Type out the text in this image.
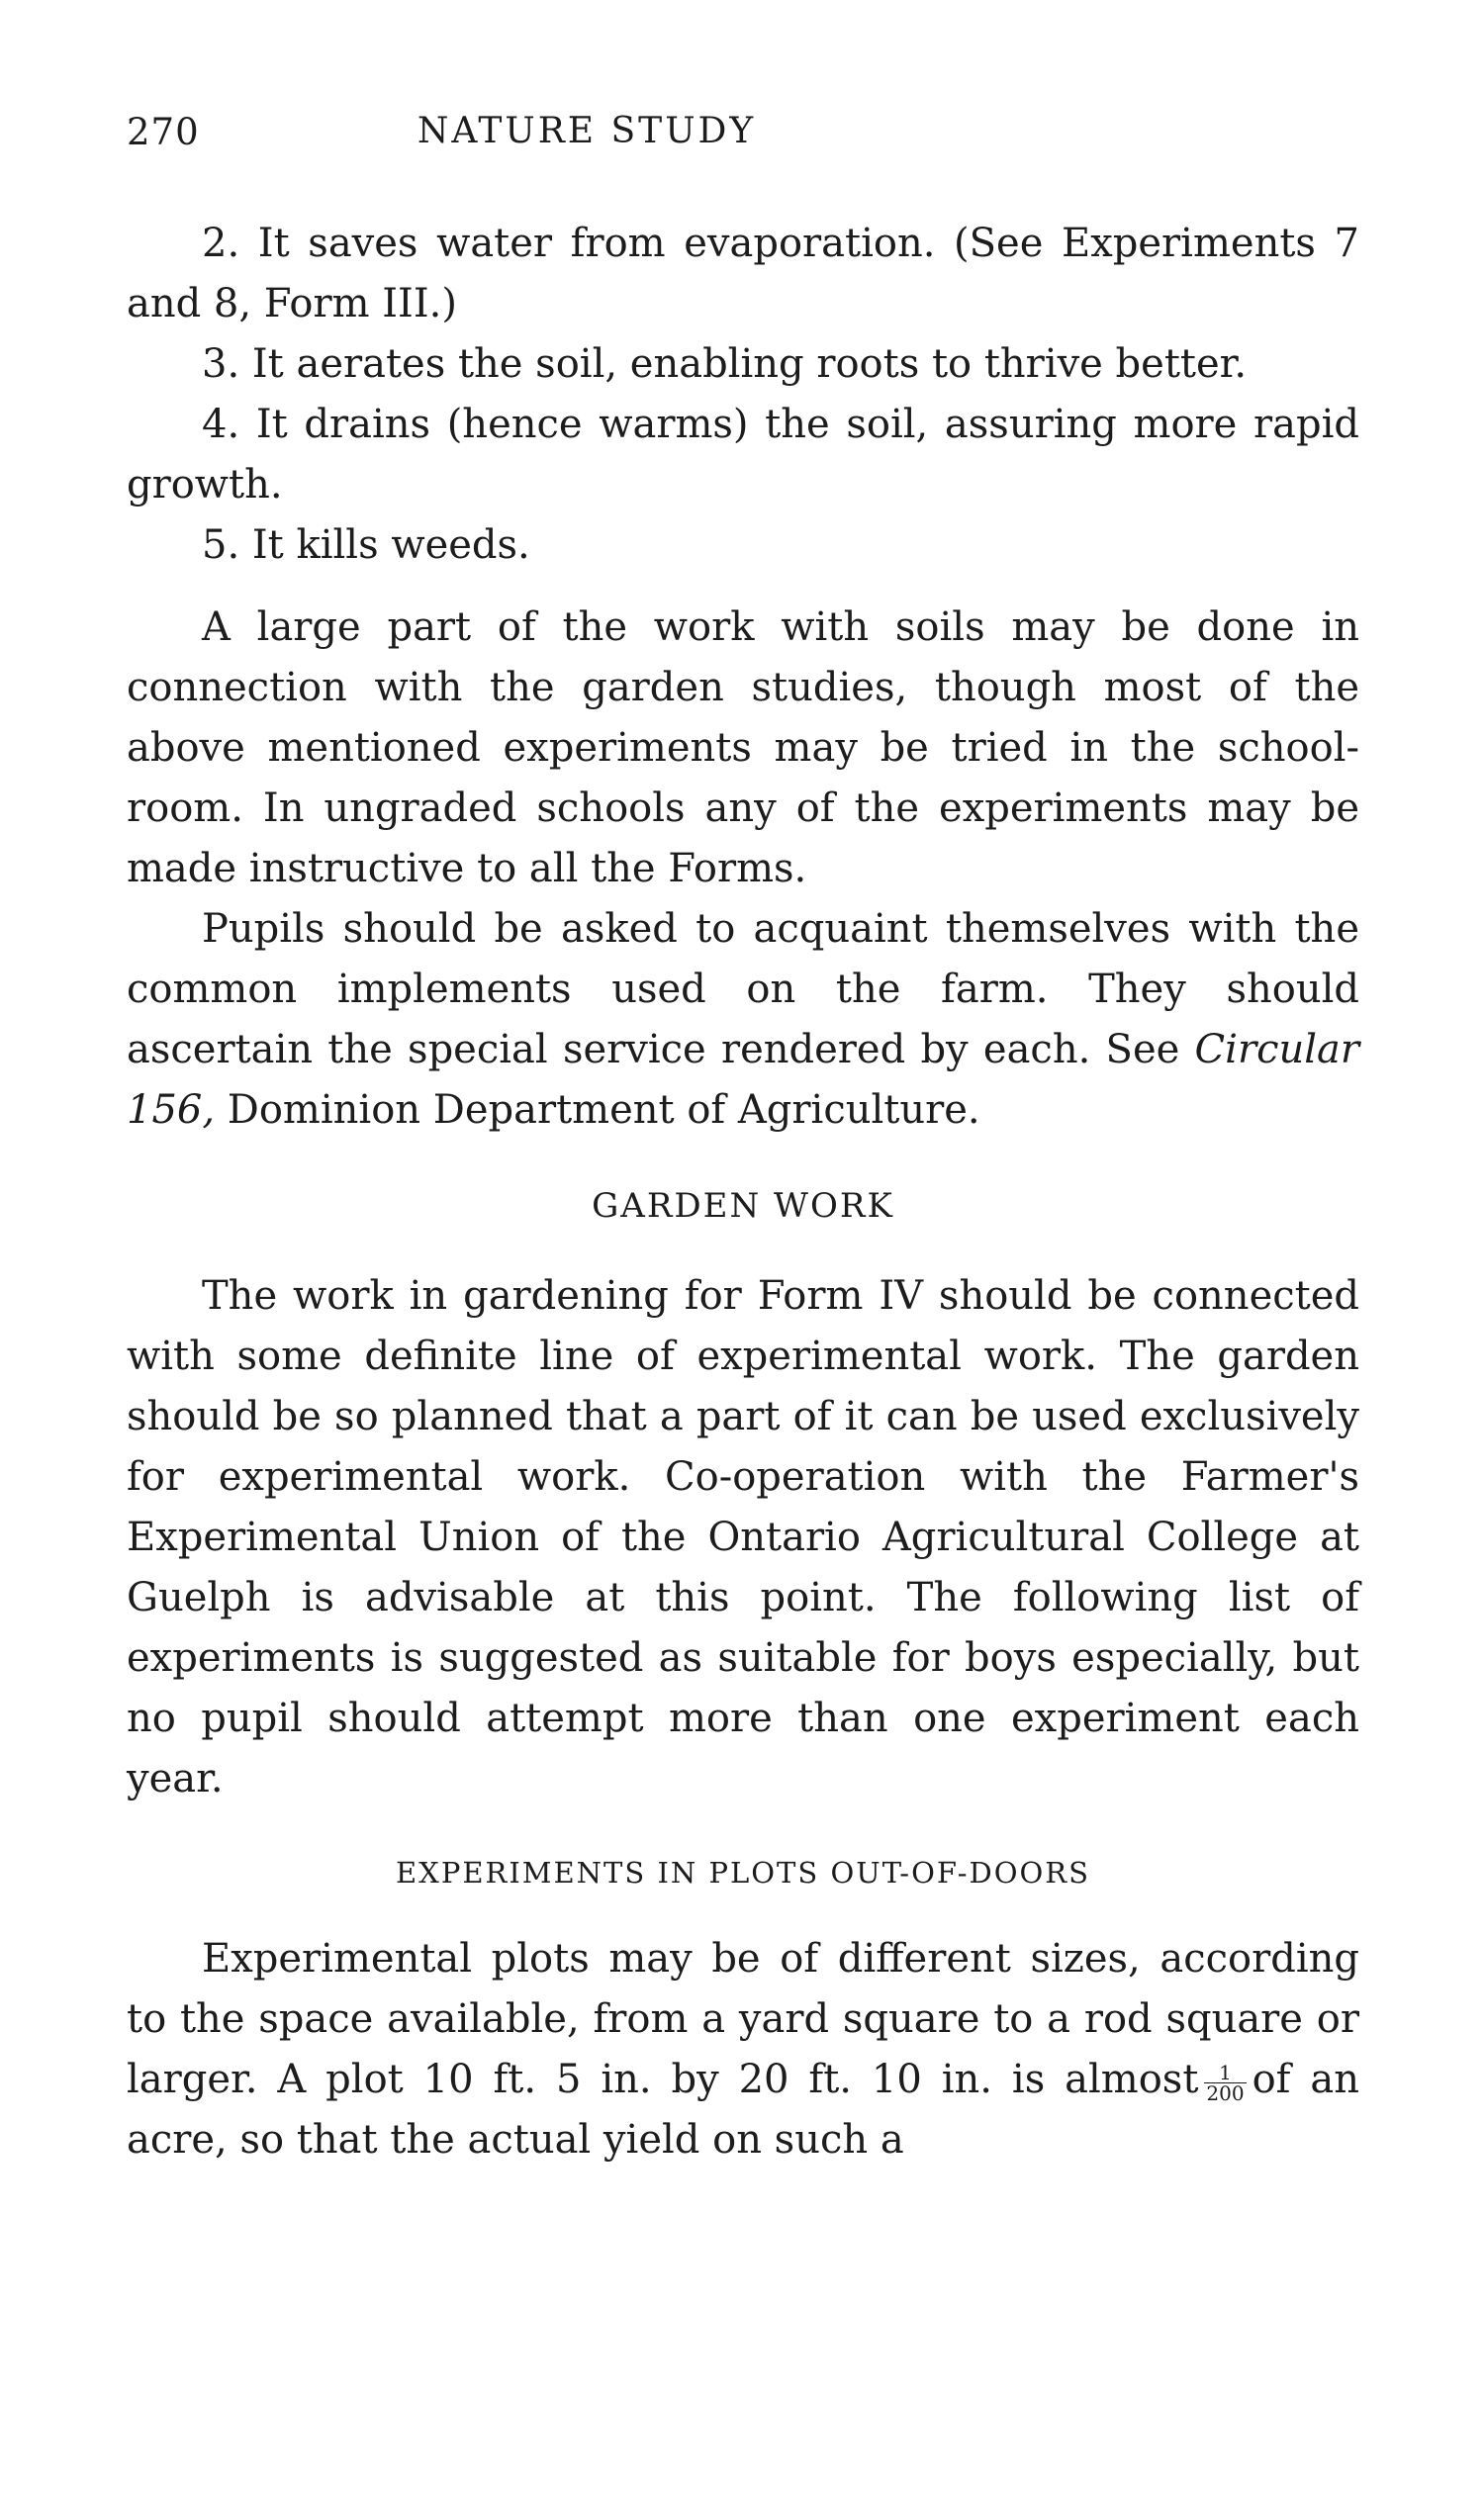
270	NATURE STUDY

2. It saves water from evaporation. (See Experiments 7 and 8, Form III.)

3. It aerates the soil, enabling roots to thrive better.

4. It drains (hence warms) the soil, assuring more rapid growth.

5. It kills weeds.

A large part of the work with soils may be done in connection with the garden studies, though most of the above mentioned experiments may be tried in the school-room. In ungraded schools any of the experiments may be made instructive to all the Forms.

Pupils should be asked to acquaint themselves with the common implements used on the farm. They should ascertain the special service rendered by each. See Circular 156, Dominion Department of Agriculture.

GARDEN WORK

The work in gardening for Form IV should be connected with some definite line of experimental work. The garden should be so planned that a part of it can be used exclusively for experimental work. Co-operation with the Farmer's Experimental Union of the Ontario Agricultural College at Guelph is advisable at this point. The following list of experiments is suggested as suitable for boys especially, but no pupil should attempt more than one experiment each year.

EXPERIMENTS IN PLOTS OUT-OF-DOORS

Experimental plots may be of different sizes, according to the space available, from a yard square to a rod square or larger. A plot 10 ft. 5 in. by 20 ft. 10 in. is almost $\frac{1}{200}$ of an acre, so that the actual yield on such a
